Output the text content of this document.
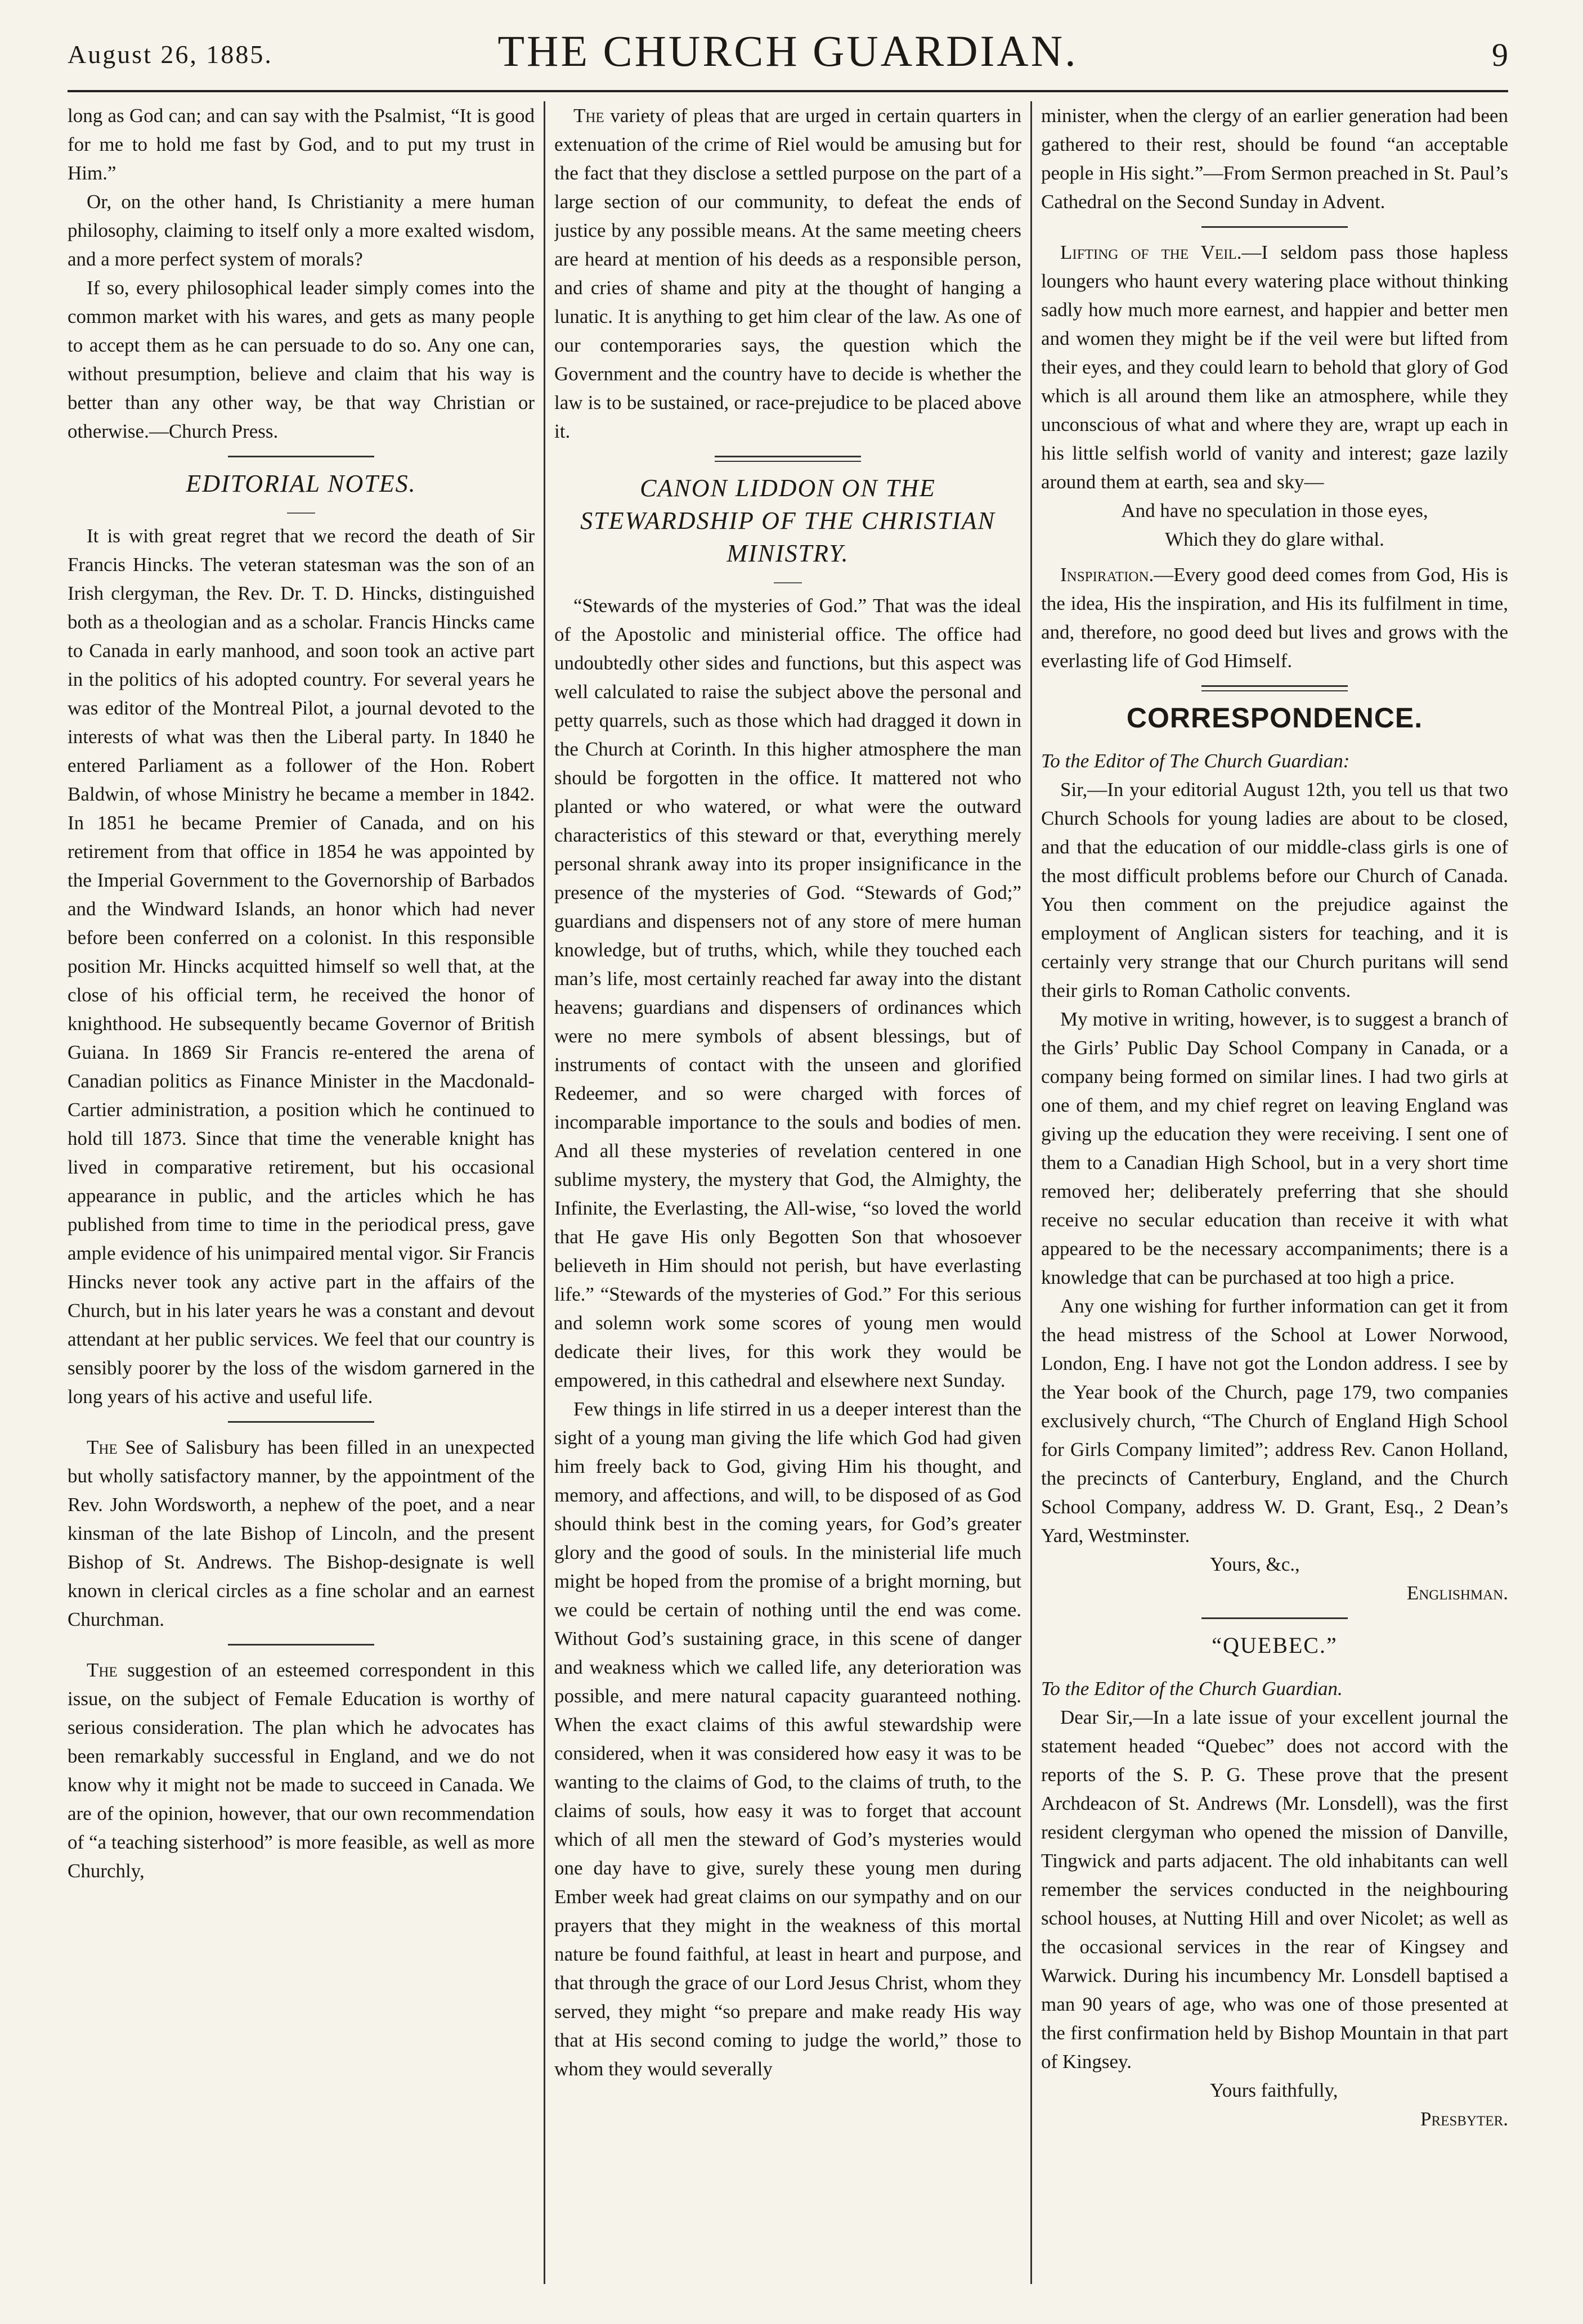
August 26, 1885.	THE CHURCH GUARDIAN.	9

long as God can; and can say with the Psalmist, “It is good for me to hold me fast by God, and to put my trust in Him.”

Or, on the other hand, Is Christianity a mere human philosophy, claiming to itself only a more exalted wisdom, and a more perfect system of morals?

If so, every philosophical leader simply comes into the common market with his wares, and gets as many people to accept them as he can persuade to do so. Any one can, without presumption, believe and claim that his way is better than any other way, be that way Christian or otherwise.—Church Press.

EDITORIAL NOTES.

It is with great regret that we record the death of Sir Francis Hincks. The veteran statesman was the son of an Irish clergyman, the Rev. Dr. T. D. Hincks, distinguished both as a theologian and as a scholar. Francis Hincks came to Canada in early manhood, and soon took an active part in the politics of his adopted country. For several years he was editor of the Montreal Pilot, a journal devoted to the interests of what was then the Liberal party. In 1840 he entered Parliament as a follower of the Hon. Robert Baldwin, of whose Ministry he became a member in 1842. In 1851 he became Premier of Canada, and on his retirement from that office in 1854 he was appointed by the Imperial Government to the Governorship of Barbados and the Windward Islands, an honor which had never before been conferred on a colonist. In this responsible position Mr. Hincks acquitted himself so well that, at the close of his official term, he received the honor of knighthood. He subsequently became Governor of British Guiana. In 1869 Sir Francis re-entered the arena of Canadian politics as Finance Minister in the Macdonald-Cartier administration, a position which he continued to hold till 1873. Since that time the venerable knight has lived in comparative retirement, but his occasional appearance in public, and the articles which he has published from time to time in the periodical press, gave ample evidence of his unimpaired mental vigor. Sir Francis Hincks never took any active part in the affairs of the Church, but in his later years he was a constant and devout attendant at her public services. We feel that our country is sensibly poorer by the loss of the wisdom garnered in the long years of his active and useful life.

The See of Salisbury has been filled in an unexpected but wholly satisfactory manner, by the appointment of the Rev. John Wordsworth, a nephew of the poet, and a near kinsman of the late Bishop of Lincoln, and the present Bishop of St. Andrews. The Bishop-designate is well known in clerical circles as a fine scholar and an earnest Churchman.

The suggestion of an esteemed correspondent in this issue, on the subject of Female Education is worthy of serious consideration. The plan which he advocates has been remarkably successful in England, and we do not know why it might not be made to succeed in Canada. We are of the opinion, however, that our own recommendation of “a teaching sisterhood” is more feasible, as well as more Churchly,

The variety of pleas that are urged in certain quarters in extenuation of the crime of Riel would be amusing but for the fact that they disclose a settled purpose on the part of a large section of our community, to defeat the ends of justice by any possible means. At the same meeting cheers are heard at mention of his deeds as a responsible person, and cries of shame and pity at the thought of hanging a lunatic. It is anything to get him clear of the law. As one of our contemporaries says, the question which the Government and the country have to decide is whether the law is to be sustained, or race-prejudice to be placed above it.

CANON LIDDON ON THE STEWARDSHIP OF THE CHRISTIAN MINISTRY.

“Stewards of the mysteries of God.” That was the ideal of the Apostolic and ministerial office. The office had undoubtedly other sides and functions, but this aspect was well calculated to raise the subject above the personal and petty quarrels, such as those which had dragged it down in the Church at Corinth. In this higher atmosphere the man should be forgotten in the office. It mattered not who planted or who watered, or what were the outward characteristics of this steward or that, everything merely personal shrank away into its proper insignificance in the presence of the mysteries of God. “Stewards of God;” guardians and dispensers not of any store of mere human knowledge, but of truths, which, while they touched each man’s life, most certainly reached far away into the distant heavens; guardians and dispensers of ordinances which were no mere symbols of absent blessings, but of instruments of contact with the unseen and glorified Redeemer, and so were charged with forces of incomparable importance to the souls and bodies of men. And all these mysteries of revelation centered in one sublime mystery, the mystery that God, the Almighty, the Infinite, the Everlasting, the All-wise, “so loved the world that He gave His only Begotten Son that whosoever believeth in Him should not perish, but have everlasting life.” “Stewards of the mysteries of God.” For this serious and solemn work some scores of young men would dedicate their lives, for this work they would be empowered, in this cathedral and elsewhere next Sunday.

Few things in life stirred in us a deeper interest than the sight of a young man giving the life which God had given him freely back to God, giving Him his thought, and memory, and affections, and will, to be disposed of as God should think best in the coming years, for God’s greater glory and the good of souls. In the ministerial life much might be hoped from the promise of a bright morning, but we could be certain of nothing until the end was come. Without God’s sustaining grace, in this scene of danger and weakness which we called life, any deterioration was possible, and mere natural capacity guaranteed nothing. When the exact claims of this awful stewardship were considered, when it was considered how easy it was to be wanting to the claims of God, to the claims of truth, to the claims of souls, how easy it was to forget that account which of all men the steward of God’s mysteries would one day have to give, surely these young men during Ember week had great claims on our sympathy and on our prayers that they might in the weakness of this mortal nature be found faithful, at least in heart and purpose, and that through the grace of our Lord Jesus Christ, whom they served, they might “so prepare and make ready His way that at His second coming to judge the world,” those to whom they would severally

minister, when the clergy of an earlier generation had been gathered to their rest, should be found “an acceptable people in His sight.”—From Sermon preached in St. Paul’s Cathedral on the Second Sunday in Advent.

Lifting of the Veil.—I seldom pass those hapless loungers who haunt every watering place without thinking sadly how much more earnest, and happier and better men and women they might be if the veil were but lifted from their eyes, and they could learn to behold that glory of God which is all around them like an atmosphere, while they unconscious of what and where they are, wrapt up each in his little selfish world of vanity and interest; gaze lazily around them at earth, sea and sky—

And have no speculation in those eyes,
Which they do glare withal.

Inspiration.—Every good deed comes from God, His is the idea, His the inspiration, and His its fulfilment in time, and, therefore, no good deed but lives and grows with the everlasting life of God Himself.

CORRESPONDENCE.

To the Editor of The Church Guardian:

Sir,—In your editorial August 12th, you tell us that two Church Schools for young ladies are about to be closed, and that the education of our middle-class girls is one of the most difficult problems before our Church of Canada. You then comment on the prejudice against the employment of Anglican sisters for teaching, and it is certainly very strange that our Church puritans will send their girls to Roman Catholic convents.

My motive in writing, however, is to suggest a branch of the Girls’ Public Day School Company in Canada, or a company being formed on similar lines. I had two girls at one of them, and my chief regret on leaving England was giving up the education they were receiving. I sent one of them to a Canadian High School, but in a very short time removed her; deliberately preferring that she should receive no secular education than receive it with what appeared to be the necessary accompaniments; there is a knowledge that can be purchased at too high a price.

Any one wishing for further information can get it from the head mistress of the School at Lower Norwood, London, Eng. I have not got the London address. I see by the Year book of the Church, page 179, two companies exclusively church, “The Church of England High School for Girls Company limited”; address Rev. Canon Holland, the precincts of Canterbury, England, and the Church School Company, address W. D. Grant, Esq., 2 Dean’s Yard, Westminster.

Yours, &c.,
Englishman.
“QUEBEC.”

To the Editor of the Church Guardian.

Dear Sir,—In a late issue of your excellent journal the statement headed “Quebec” does not accord with the reports of the S. P. G. These prove that the present Archdeacon of St. Andrews (Mr. Lonsdell), was the first resident clergyman who opened the mission of Danville, Tingwick and parts adjacent. The old inhabitants can well remember the services conducted in the neighbouring school houses, at Nutting Hill and over Nicolet; as well as the occasional services in the rear of Kingsey and Warwick. During his incumbency Mr. Lonsdell baptised a man 90 years of age, who was one of those presented at the first confirmation held by Bishop Mountain in that part of Kingsey.

Yours faithfully,
Presbyter.
